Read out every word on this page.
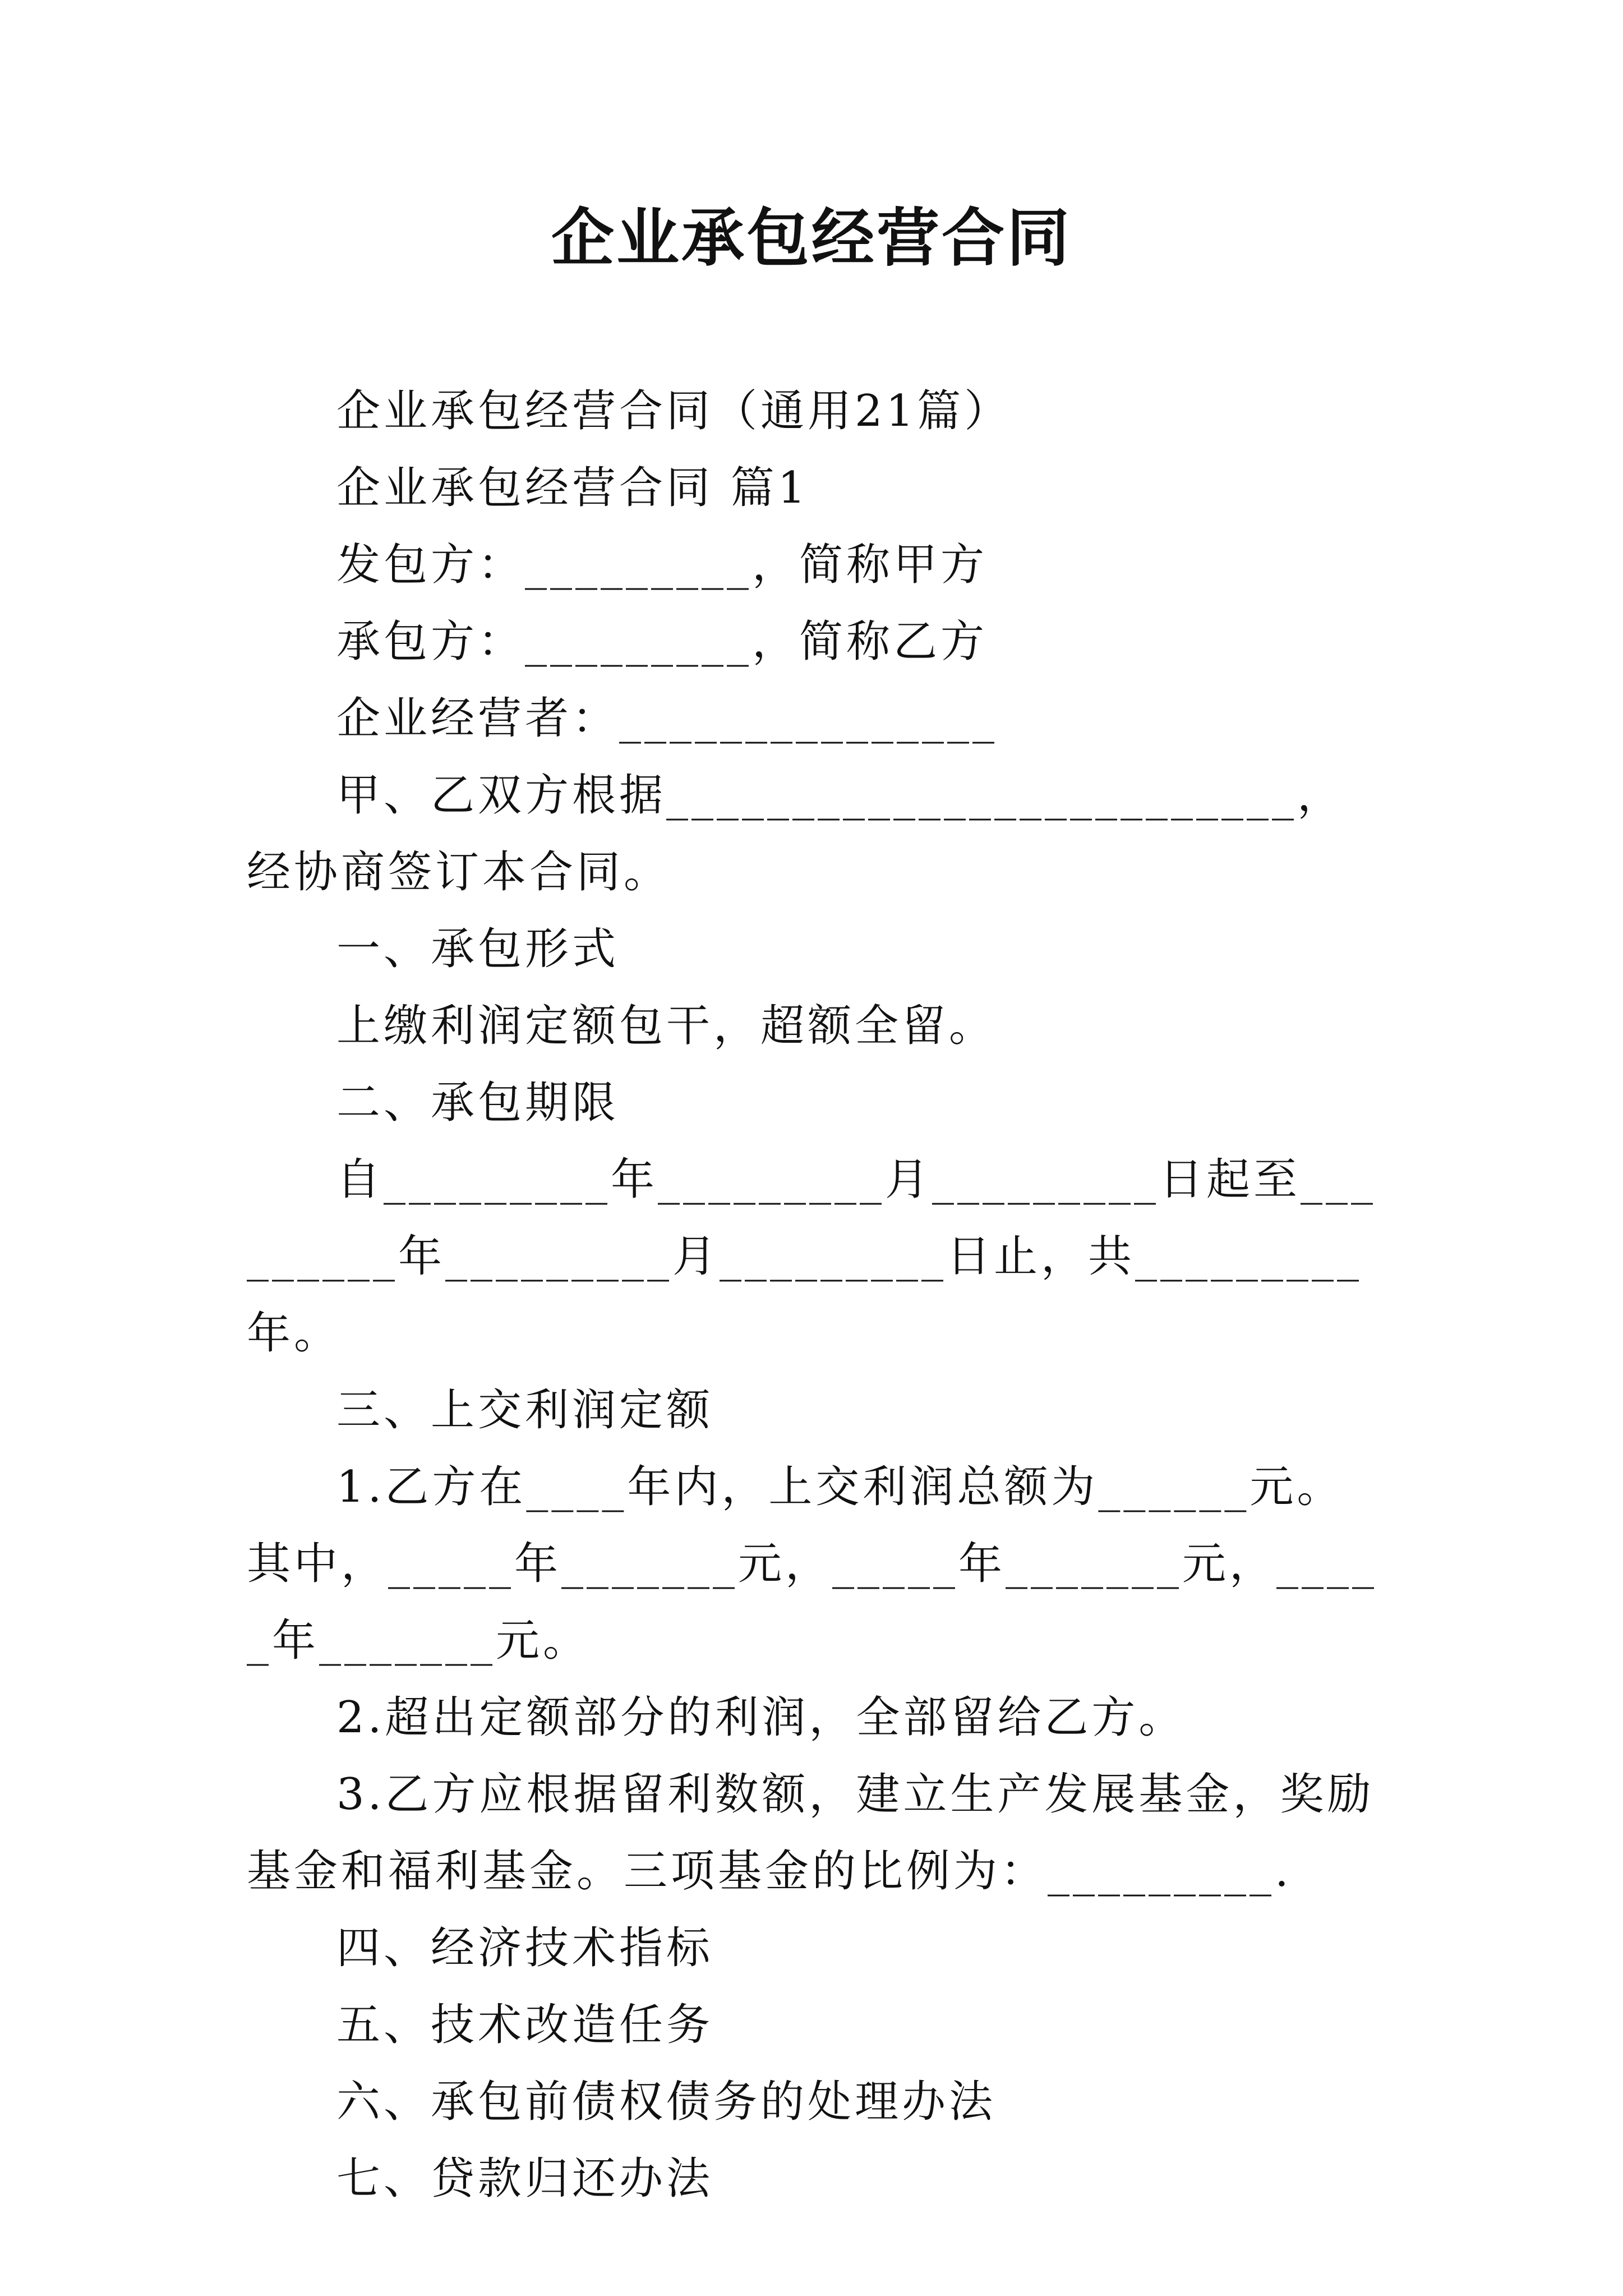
企业承包经营合同

企业承包经营合同（通用21篇）

企业承包经营合同 篇1

发包方：_________，简称甲方

承包方：_________，简称乙方

企业经营者：_______________

甲、乙双方根据_________________________，经协商签订本合同。

一、承包形式

上缴利润定额包干，超额全留。

二、承包期限

自_________年_________月_________日起至_________年_________月_________日止，共_________年。

三、上交利润定额

1.乙方在____年内，上交利润总额为______元。其中，_____年_______元，_____年_______元，_____年_______元。

2.超出定额部分的利润，全部留给乙方。

3.乙方应根据留利数额，建立生产发展基金，奖励基金和福利基金。三项基金的比例为：_________.

四、经济技术指标

五、技术改造任务

六、承包前债权债务的处理办法

七、贷款归还办法
